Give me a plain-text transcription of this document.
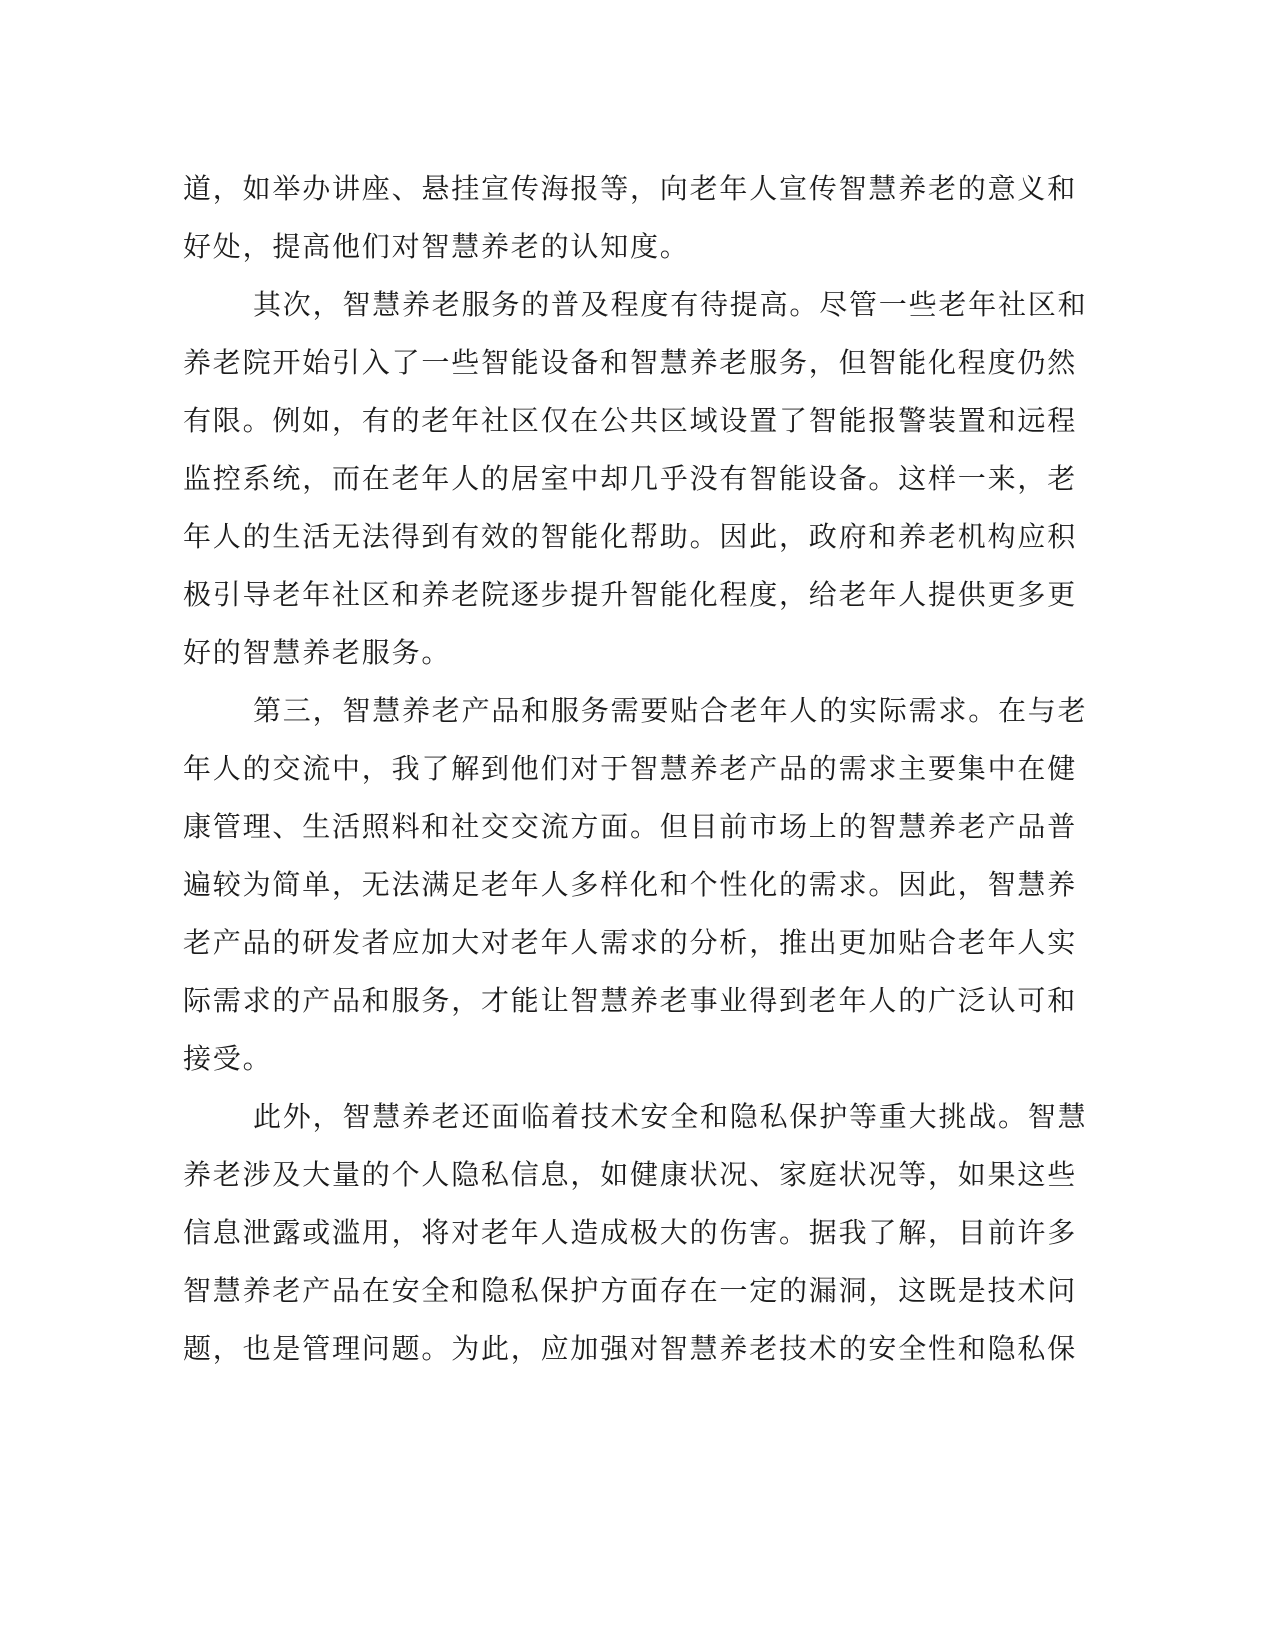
道，如举办讲座、悬挂宣传海报等，向老年人宣传智慧养老的意义和
好处，提高他们对智慧养老的认知度。
其次，智慧养老服务的普及程度有待提高。尽管一些老年社区和
养老院开始引入了一些智能设备和智慧养老服务，但智能化程度仍然
有限。例如，有的老年社区仅在公共区域设置了智能报警装置和远程
监控系统，而在老年人的居室中却几乎没有智能设备。这样一来，老
年人的生活无法得到有效的智能化帮助。因此，政府和养老机构应积
极引导老年社区和养老院逐步提升智能化程度，给老年人提供更多更
好的智慧养老服务。
第三，智慧养老产品和服务需要贴合老年人的实际需求。在与老
年人的交流中，我了解到他们对于智慧养老产品的需求主要集中在健
康管理、生活照料和社交交流方面。但目前市场上的智慧养老产品普
遍较为简单，无法满足老年人多样化和个性化的需求。因此，智慧养
老产品的研发者应加大对老年人需求的分析，推出更加贴合老年人实
际需求的产品和服务，才能让智慧养老事业得到老年人的广泛认可和
接受。
此外，智慧养老还面临着技术安全和隐私保护等重大挑战。智慧
养老涉及大量的个人隐私信息，如健康状况、家庭状况等，如果这些
信息泄露或滥用，将对老年人造成极大的伤害。据我了解，目前许多
智慧养老产品在安全和隐私保护方面存在一定的漏洞，这既是技术问
题，也是管理问题。为此，应加强对智慧养老技术的安全性和隐私保
